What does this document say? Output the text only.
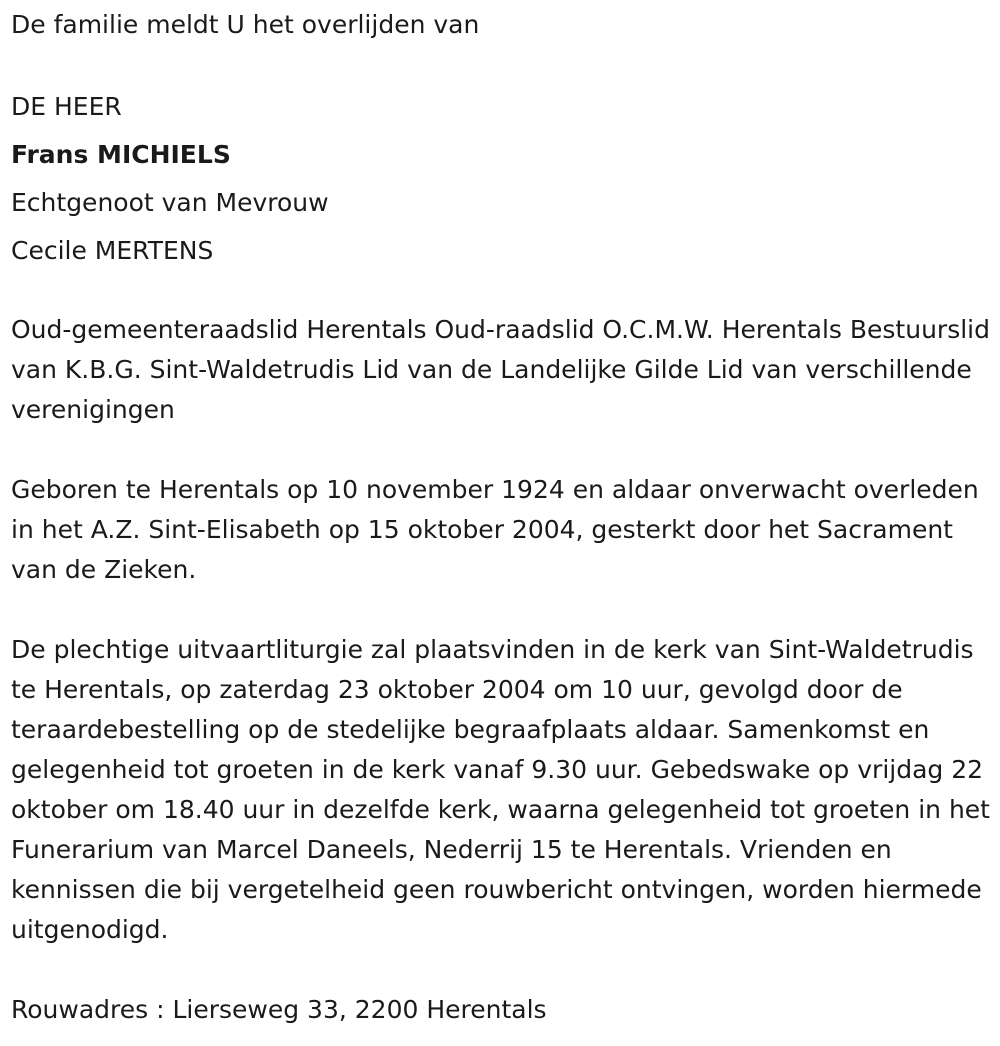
De familie meldt U het overlijden van
DE HEER
Frans MICHIELS
Echtgenoot van Mevrouw
Cecile MERTENS

Oud-gemeenteraadslid Herentals Oud-raadslid O.C.M.W. Herentals Bestuurslid van K.B.G. Sint-Waldetrudis Lid van de Landelijke Gilde Lid van verschillende verenigingen

Geboren te Herentals op 10 november 1924 en aldaar onverwacht overleden in het A.Z. Sint-Elisabeth op 15 oktober 2004, gesterkt door het Sacrament van de Zieken.

De plechtige uitvaartliturgie zal plaatsvinden in de kerk van Sint-Waldetrudis te Herentals, op zaterdag 23 oktober 2004 om 10 uur, gevolgd door de teraardebestelling op de stedelijke begraafplaats aldaar. Samenkomst en gelegenheid tot groeten in de kerk vanaf 9.30 uur. Gebedswake op vrijdag 22 oktober om 18.40 uur in dezelfde kerk, waarna gelegenheid tot groeten in het Funerarium van Marcel Daneels, Nederrij 15 te Herentals. Vrienden en kennissen die bij vergetelheid geen rouwbericht ontvingen, worden hiermede uitgenodigd.

Rouwadres : Lierseweg 33, 2200 Herentals
